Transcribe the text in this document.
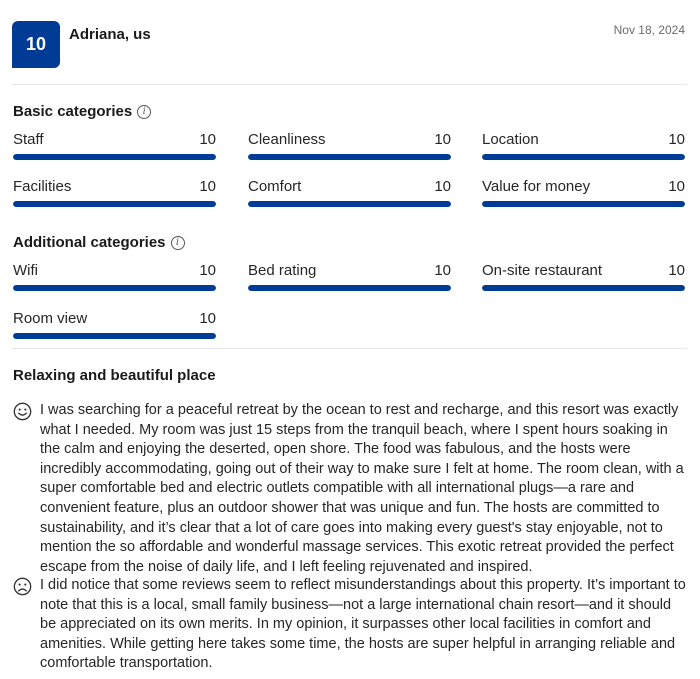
10	Adriana, us	Nov 18, 2024
Basic categories	i
Staff	10 Cleanliness	10 Location	10
Facilities	10 Comfort	10 Value for money	10
Additional categories	i
Wifi	10 Bed rating	10 On-site restaurant	10
Room view	10
Relaxing and beautiful place
I was searching for a peaceful retreat by the ocean to rest and recharge, and this resort was exactly what I needed. My room was just 15 steps from the tranquil beach, where I spent hours soaking in the calm and enjoying the deserted, open shore. The food was fabulous, and the hosts were incredibly accommodating, going out of their way to make sure I felt at home. The room clean, with a super comfortable bed and electric outlets compatible with all international plugs—a rare and convenient feature, plus an outdoor shower that was unique and fun. The hosts are committed to sustainability, and it’s clear that a lot of care goes into making every guest's stay enjoyable, not to mention the so affordable and wonderful massage services. This exotic retreat provided the perfect escape from the noise of daily life, and I left feeling rejuvenated and inspired.
I did notice that some reviews seem to reflect misunderstandings about this property. It’s important to note that this is a local, small family business—not a large international chain resort—and it should be appreciated on its own merits. In my opinion, it surpasses other local facilities in comfort and amenities. While getting here takes some time, the hosts are super helpful in arranging reliable and comfortable transportation.
